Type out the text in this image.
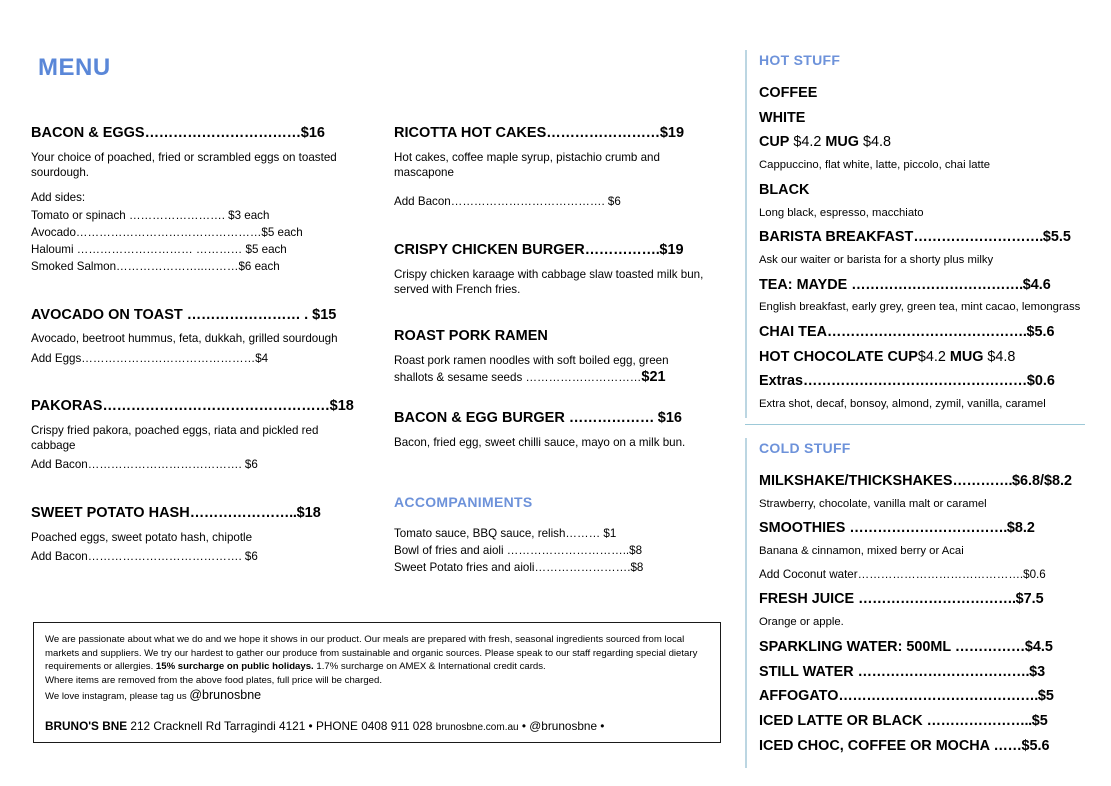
MENU
BACON & EGGS……………………………$16

Your choice of poached, fried or scrambled eggs on toasted sourdough.

Add sides:
Tomato or spinach ……………………. $3 each
Avocado…………………………………………$5 each
Haloumi ………………………… ………… $5 each
Smoked Salmon…………………..………$6 each
AVOCADO ON TOAST …………………… . $15

Avocado, beetroot hummus, feta, dukkah, grilled sourdough

Add Eggs………………………………………$4
PAKORAS…………………………………………$18

Crispy fried pakora, poached eggs, riata and pickled red cabbage

Add Bacon…………………………………. $6
SWEET POTATO HASH…………………..$18

Poached eggs, sweet potato hash, chipotle

Add Bacon…………………………………. $6
RICOTTA HOT CAKES……………………$19

Hot cakes, coffee maple syrup, pistachio crumb and mascapone

Add Bacon…………………………………. $6
CRISPY CHICKEN BURGER…………….$19

Crispy chicken karaage with cabbage slaw toasted milk bun, served with French fries.

ROAST PORK RAMEN

Roast pork ramen noodles with soft boiled egg, green
shallots & sesame seeds …………………………$21

BACON & EGG BURGER ……………… $16

Bacon, fried egg, sweet chilli sauce, mayo on a milk bun.

ACCOMPANIMENTS
Tomato sauce, BBQ sauce, relish……… $1
Bowl of fries and aioli …………………………..$8
Sweet Potato fries and aioli…………………….$8

We are passionate about what we do and we hope it shows in our product. Our meals are prepared with fresh, seasonal ingredients sourced from local markets and suppliers. We try our hardest to gather our produce from sustainable and organic sources. Please speak to our staff regarding special dietary requirements or allergies. 15% surcharge on public holidays. 1.7% surcharge on AMEX & International credit cards.

Where items are removed from the above food plates, full price will be charged.

We love instagram, please tag us @brunosbne

BRUNO'S BNE 212 Cracknell Rd Tarragindi 4121 • PHONE 0408 911 028 brunosbne.com.au • @brunosbne •
HOT STUFF
COFFEE
WHITE
CUP $4.2 MUG $4.8

Cappuccino, flat white, latte, piccolo, chai latte

BLACK

Long black, espresso, macchiato

BARISTA BREAKFAST……………………….$5.5

Ask our waiter or barista for a shorty plus milky

TEA: MAYDE ……………………………….$4.6

English breakfast, early grey, green tea, mint cacao, lemongrass

CHAI TEA…………………………………….$5.6
HOT CHOCOLATE CUP$4.2 MUG $4.8
Extras…………………………………………$0.6

Extra shot, decaf, bonsoy, almond, zymil, vanilla, caramel

COLD STUFF
MILKSHAKE/THICKSHAKES………….$6.8/$8.2

Strawberry, chocolate, vanilla malt or caramel

SMOOTHIES …………………………….$8.2

Banana & cinnamon, mixed berry or Acai

Add Coconut water…………………………………….$0.6
FRESH JUICE …………………………….$7.5

Orange or apple.

SPARKLING WATER: 500ML ……………$4.5
STILL WATER ……………………………….$3
AFFOGATO…………………………………….$5
ICED LATTE OR BLACK …………………..$5
ICED CHOC, COFFEE OR MOCHA ……$5.6
